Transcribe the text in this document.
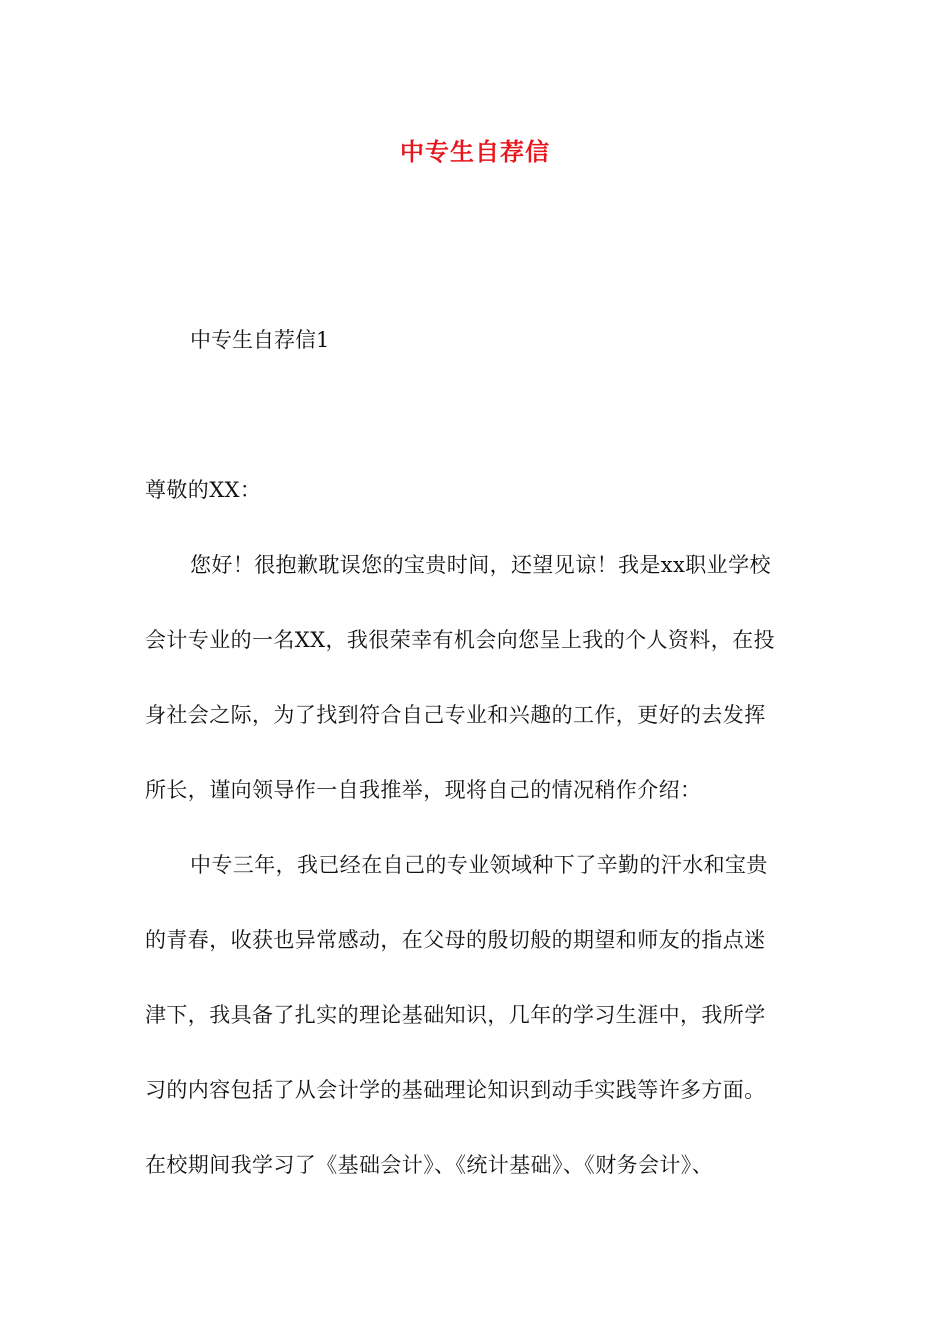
中专生自荐信
中专生自荐信1
尊敬的XX：
您好！很抱歉耽误您的宝贵时间，还望见谅！我是xx职业学校
会计专业的一名XX，我很荣幸有机会向您呈上我的个人资料，在投
身社会之际，为了找到符合自己专业和兴趣的工作，更好的去发挥
所长，谨向领导作一自我推举，现将自己的情况稍作介绍：
中专三年，我已经在自己的专业领域种下了辛勤的汗水和宝贵
的青春，收获也异常感动，在父母的殷切般的期望和师友的指点迷
津下，我具备了扎实的理论基础知识，几年的学习生涯中，我所学
习的内容包括了从会计学的基础理论知识到动手实践等许多方面。
在校期间我学习了《基础会计》、《统计基础》、《财务会计》、
